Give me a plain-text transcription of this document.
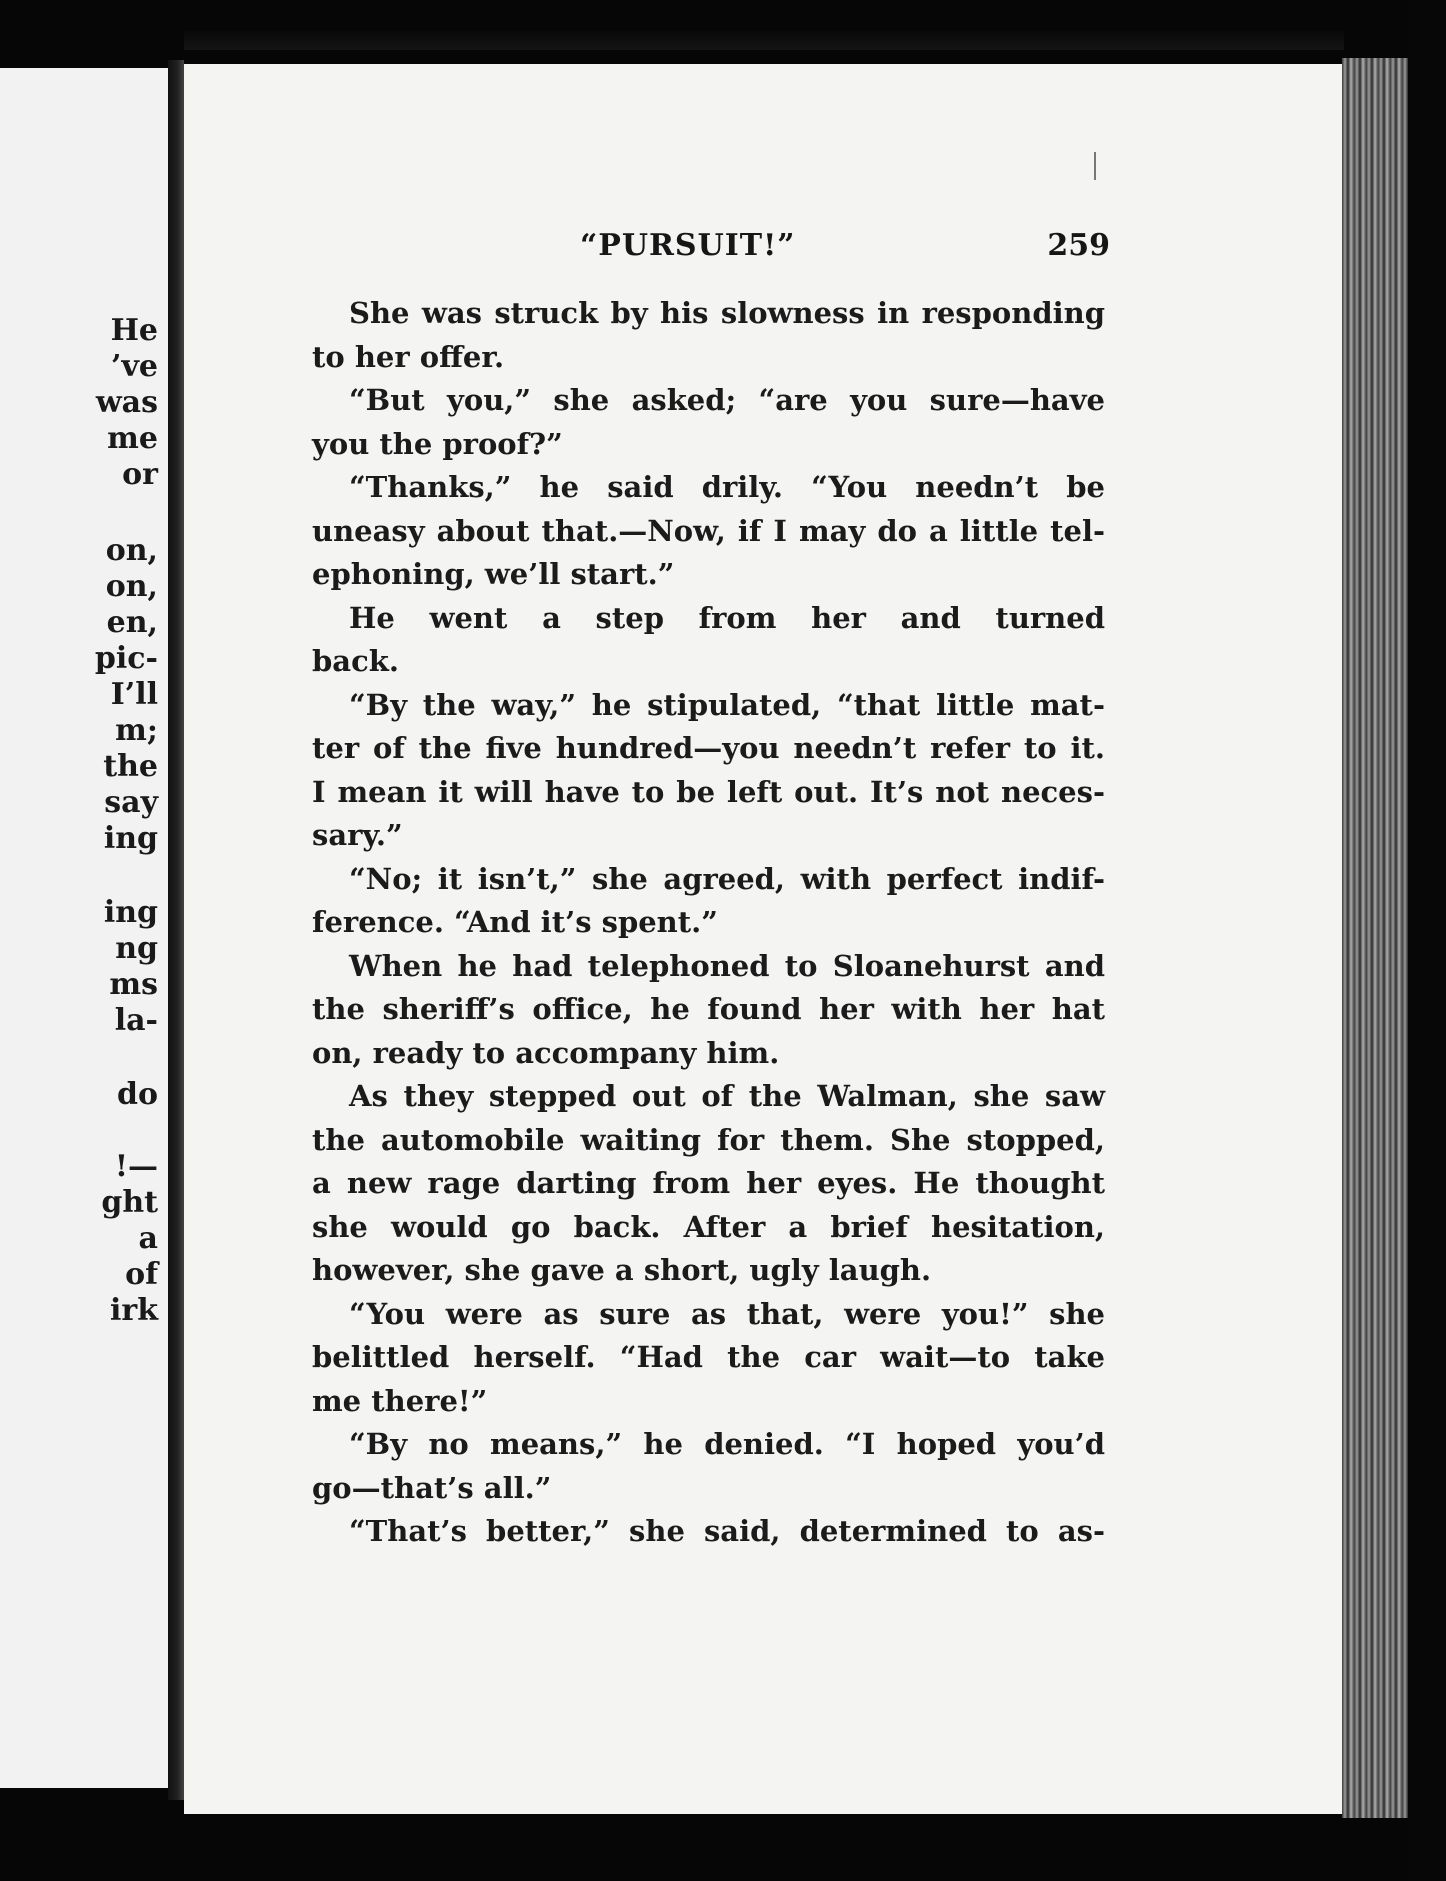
He
’ve
was
me
or
on,
on,
en,
pic-
I’ll
m;
the
say
ing
ing
ng
ms
la-
do
!—
ght
a
of
irk
“PURSUIT!”	259
She was struck by his slowness in responding
to her offer.
“But you,” she asked; “are you sure—have
you the proof?”
“Thanks,” he said drily. “You needn’t be
uneasy about that.—Now, if I may do a little tel-
ephoning, we’ll start.”
He went a step from her and turned
back.
“By the way,” he stipulated, “that little mat-
ter of the five hundred—you needn’t refer to it.
I mean it will have to be left out. It’s not neces-
sary.”
“No; it isn’t,” she agreed, with perfect indif-
ference. “And it’s spent.”
When he had telephoned to Sloanehurst and
the sheriff’s office, he found her with her hat
on, ready to accompany him.
As they stepped out of the Walman, she saw
the automobile waiting for them. She stopped,
a new rage darting from her eyes. He thought
she would go back. After a brief hesitation,
however, she gave a short, ugly laugh.
“You were as sure as that, were you!” she
belittled herself. “Had the car wait—to take
me there!”
“By no means,” he denied. “I hoped you’d
go—that’s all.”
“That’s better,” she said, determined to as-
